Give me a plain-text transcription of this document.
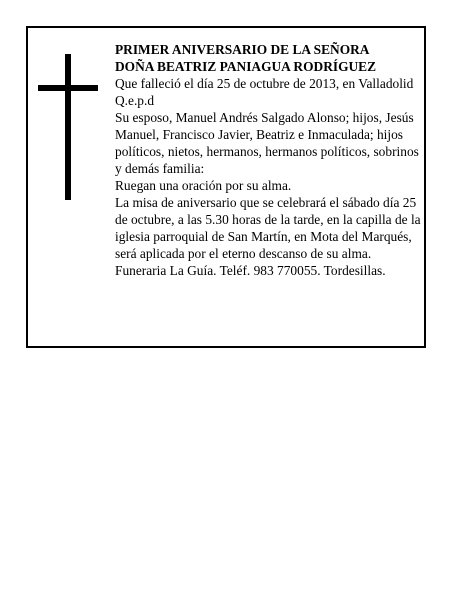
PRIMER ANIVERSARIO DE LA SEÑORA

DOÑA BEATRIZ PANIAGUA RODRÍGUEZ

Que falleció el día 25 de octubre de 2013, en Valladolid

Q.e.p.d

Su esposo, Manuel Andrés Salgado Alonso; hijos, Jesús Manuel, Francisco Javier, Beatriz e Inmaculada; hijos políticos, nietos, hermanos, hermanos políticos, sobrinos y demás familia:

Ruegan una oración por su alma.

La misa de aniversario que se celebrará el sábado día 25 de octubre, a las 5.30 horas de la tarde, en la capilla de la iglesia parroquial de San Martín, en Mota del Marqués, será aplicada por el eterno descanso de su alma.

Funeraria La Guía. Teléf. 983 770055. Tordesillas.
